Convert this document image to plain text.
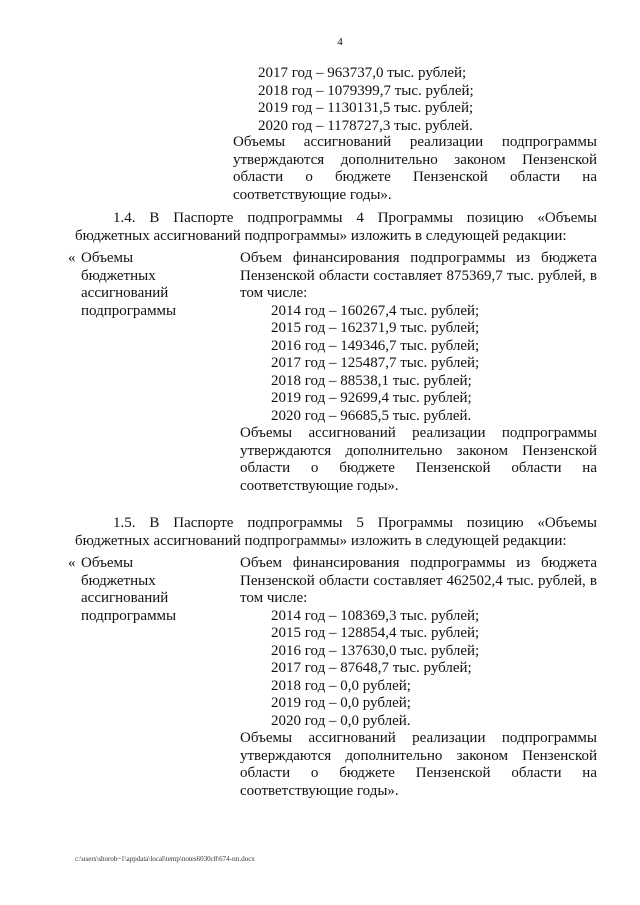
4
2017 год – 963737,0 тыс. рублей;
2018 год – 1079399,7 тыс. рублей;
2019 год – 1130131,5 тыс. рублей;
2020 год – 1178727,3 тыс. рублей.
Объемы ассигнований реализации подпрограммы утверждаются дополнительно законом Пензенской области о бюджете Пензенской области на соответствующие годы».
1.4. В Паспорте подпрограммы 4 Программы позицию «Объемы бюджетных ассигнований подпрограммы» изложить в следующей редакции:
« Объемы
бюджетных
ассигнований
подпрограммы
Объем финансирования подпрограммы из бюджета Пензенской области составляет 875369,7 тыс. рублей, в том числе:
2014 год – 160267,4 тыс. рублей;
2015 год – 162371,9 тыс. рублей;
2016 год – 149346,7 тыс. рублей;
2017 год – 125487,7 тыс. рублей;
2018 год – 88538,1 тыс. рублей;
2019 год – 92699,4 тыс. рублей;
2020 год – 96685,5 тыс. рублей.
Объемы ассигнований реализации подпрограммы утверждаются дополнительно законом Пензенской области о бюджете Пензенской области на соответствующие годы».
1.5. В Паспорте подпрограммы 5 Программы позицию «Объемы бюджетных ассигнований подпрограммы» изложить в следующей редакции:
« Объемы
бюджетных
ассигнований
подпрограммы
Объем финансирования подпрограммы из бюджета Пензенской области составляет 462502,4 тыс. рублей, в том числе:
2014 год – 108369,3 тыс. рублей;
2015 год – 128854,4 тыс. рублей;
2016 год – 137630,0 тыс. рублей;
2017 год – 87648,7 тыс. рублей;
2018 год – 0,0 рублей;
2019 год – 0,0 рублей;
2020 год – 0,0 рублей.
Объемы ассигнований реализации подпрограммы утверждаются дополнительно законом Пензенской области о бюджете Пензенской области на соответствующие годы».
c:\users\shorob~1\appdata\local\temp\notes6030c8\674-пп.docx
